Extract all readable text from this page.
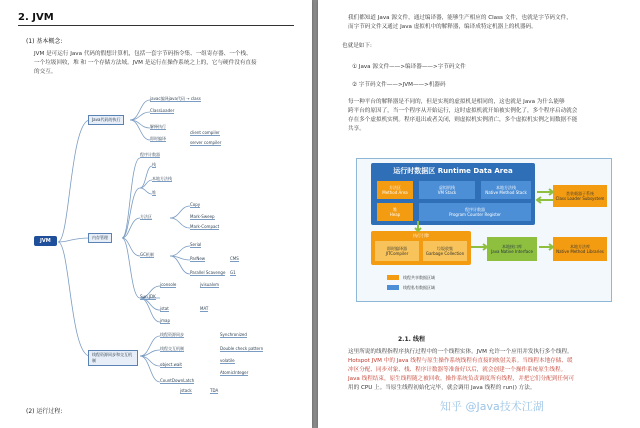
2. JVM
(1) 基本概念:
JVM 是可运行 Java 代码的假想计算机，包括一套字节码指令集、一组寄存器、一个栈、
一个垃圾回收，堆 和 一个存储方法域。JVM 是运行在操作系统之上的，它与硬件没有直接
的交互。
JVM
Java代码的执行
内存管理
线程资源同步和交互机制
javac编译java代码 → class
ClassLoader
解释执行
即时编译
client compiler
server compiler
程序计数器
栈
本地方法栈
堆
方法区
GC机制
Copy
Mark-Sweep
Mark-Compact
Sun JDK
Serial
ParNew
Parallel Scavenge
CMS
G1
jconsole	jvisualvm
jstat
jmap
MAT
线程资源同步	Synchronized
线程交互机制
object.wait
Double check pattern
volatile
AtomicInteger
CountDownLatch
jstack	TDA
(2) 运行过程:
我们都知道 Java 源文件，通过编译器，能够生产相应的 Class 文件，也就是字节码文件，
而字节码文件又通过 Java 虚拟机中的解释器，编译成特定机器上的机器码。
也就是如下:
① Java 源文件——>编译器——>字节码文件
② 字节码文件——>JVM——>机器码
每一种平台的解释器是不同的，但是实现的虚拟机是相同的，这也就是 Java 为什么能够
跨平台的原因了，当一个程序从开始运行，这时虚拟机就开始被实例化了，多个程序启动就会
存在多个虚拟机实例。程序退出或者关闭，则虚拟机实例消亡，多个虚拟机实例之间数据不能
共享。
运行时数据区 Runtime Data Area
方法区
Method Area
虚拟机栈
VM Stack
本地方法栈
Native Method Stack
堆
Heap
程序计数器
Program Counter Register
类装载器子系统
Class Loader Subsystem
执行引擎
即时编译器
JITCompiler
垃圾收集
Garbage Collection
本地接口库
Java Native Interface
本地方法库
Native Method Libraries
线程共享数据区域
线程私有数据区域
2.1. 线程
这里所说的线程指程序执行过程中的一个线程实体。JVM 允许一个应用并发执行多个线程。
Hotspot JVM 中的 Java 线程与原生操作系统线程有直接的映射关系。当线程本地存储、缓
冲区分配、同步对象、栈、程序计数器等准备好以后，就会创建一个操作系统原生线程。
Java 线程结束，原生线程随之被回收。操作系统负责调度所有线程，并把它们分配到任何可
用的 CPU 上。当原生线程初始化完毕，就会调用 Java 线程的 run() 方法。
知乎 @Java技术江湖
